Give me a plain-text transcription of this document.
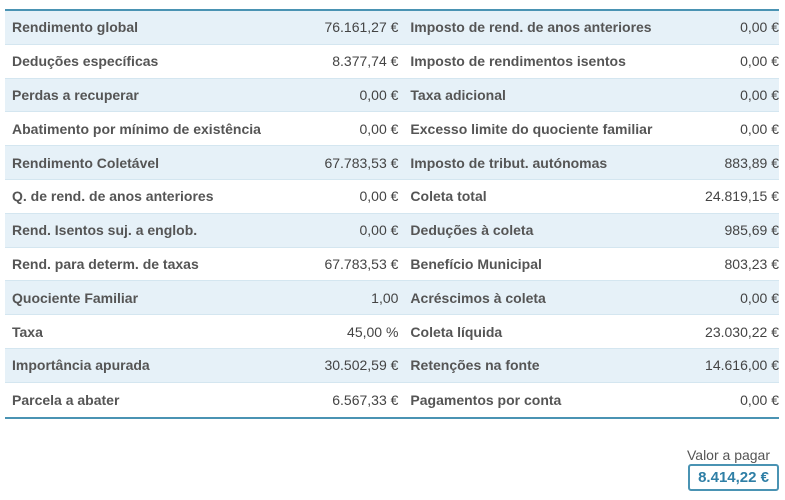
Rendimento global	76.161,27 € Imposto de rend. de anos anteriores	0,00 €
Deduções específicas	8.377,74 € Imposto de rendimentos isentos	0,00 €
Perdas a recuperar	0,00 € Taxa adicional	0,00 €
Abatimento por mínimo de existência	0,00 € Excesso limite do quociente familiar	0,00 €
Rendimento Coletável	67.783,53 € Imposto de tribut. autónomas	883,89 €
Q. de rend. de anos anteriores	0,00 € Coleta total	24.819,15 €
Rend. Isentos suj. a englob.	0,00 € Deduções à coleta	985,69 €
Rend. para determ. de taxas	67.783,53 € Benefício Municipal	803,23 €
Quociente Familiar	1,00 Acréscimos à coleta	0,00 €
Taxa	45,00 % Coleta líquida	23.030,22 €
Importância apurada	30.502,59 € Retenções na fonte	14.616,00 €
Parcela a abater	6.567,33 € Pagamentos por conta	0,00 €
Valor a pagar
8.414,22 €
